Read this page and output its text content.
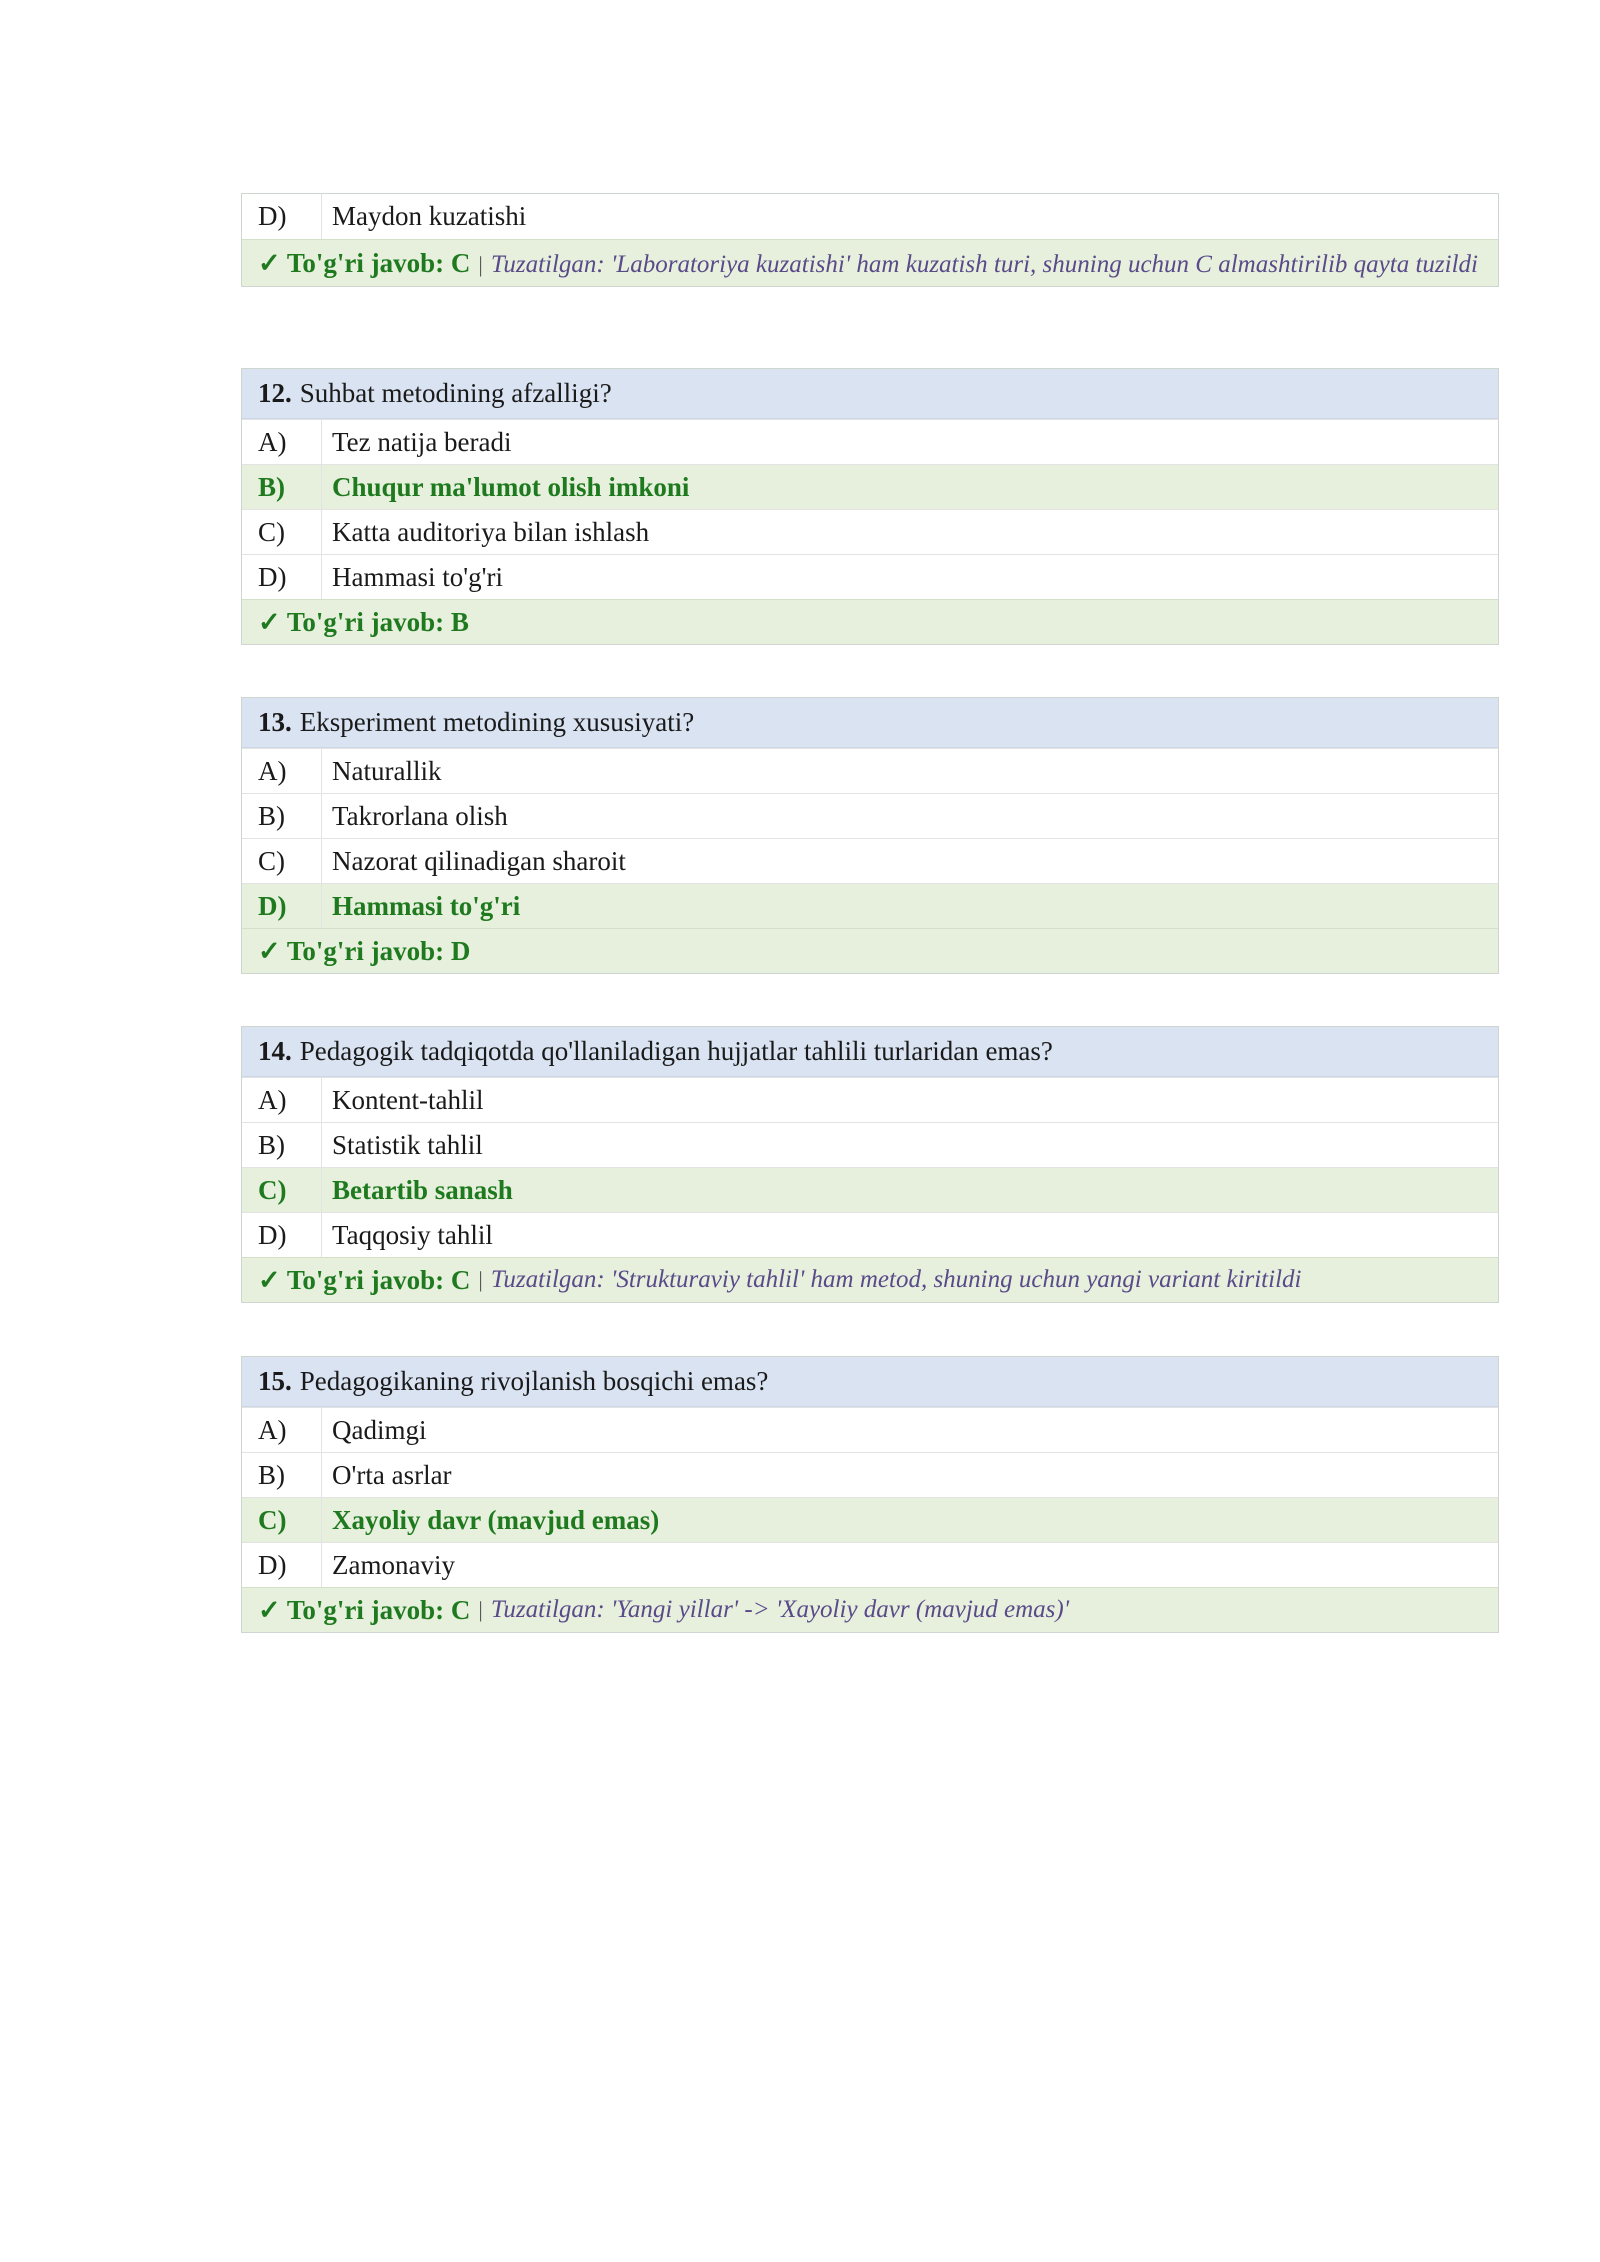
D)	Maydon kuzatishi
✓ To'g'ri javob: C | Tuzatilgan: 'Laboratoriya kuzatishi' ham kuzatish turi, shuning uchun C almashtirilib qayta tuzildi
12. Suhbat metodining afzalligi?
A)	Tez natija beradi
B)	Chuqur ma'lumot olish imkoni
C)	Katta auditoriya bilan ishlash
D)	Hammasi to'g'ri
✓ To'g'ri javob: B
13. Eksperiment metodining xususiyati?
A)	Naturallik
B)	Takrorlana olish
C)	Nazorat qilinadigan sharoit
D)	Hammasi to'g'ri
✓ To'g'ri javob: D
14. Pedagogik tadqiqotda qo'llaniladigan hujjatlar tahlili turlaridan emas?
A)	Kontent-tahlil
B)	Statistik tahlil
C)	Betartib sanash
D)	Taqqosiy tahlil
✓ To'g'ri javob: C | Tuzatilgan: 'Strukturaviy tahlil' ham metod, shuning uchun yangi variant kiritildi
15. Pedagogikaning rivojlanish bosqichi emas?
A)	Qadimgi
B)	O'rta asrlar
C)	Xayoliy davr (mavjud emas)
D)	Zamonaviy
✓ To'g'ri javob: C | Tuzatilgan: 'Yangi yillar' -> 'Xayoliy davr (mavjud emas)'
